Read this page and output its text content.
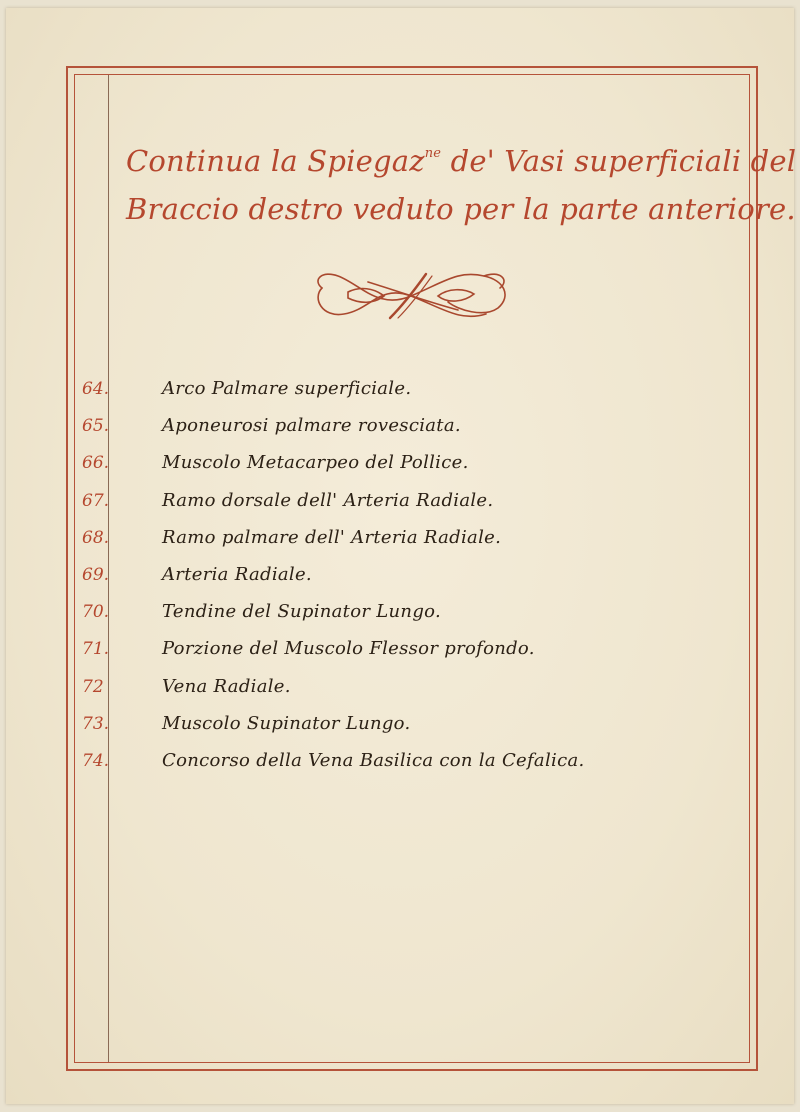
Continua la Spiegaz$^{ne}$ de' Vasi superficiali del
Braccio destro veduto per la parte anteriore.
64.	Arco Palmare superficiale.
65.	Aponeurosi palmare rovesciata.
66.	Muscolo Metacarpeo del Pollice.
67.	Ramo dorsale dell' Arteria Radiale.
68.	Ramo palmare dell' Arteria Radiale.
69.	Arteria Radiale.
70.	Tendine del Supinator Lungo.
71.	Porzione del Muscolo Flessor profondo.
72	Vena Radiale.
73.	Muscolo Supinator Lungo.
74.	Concorso della Vena Basilica con la Cefalica.
